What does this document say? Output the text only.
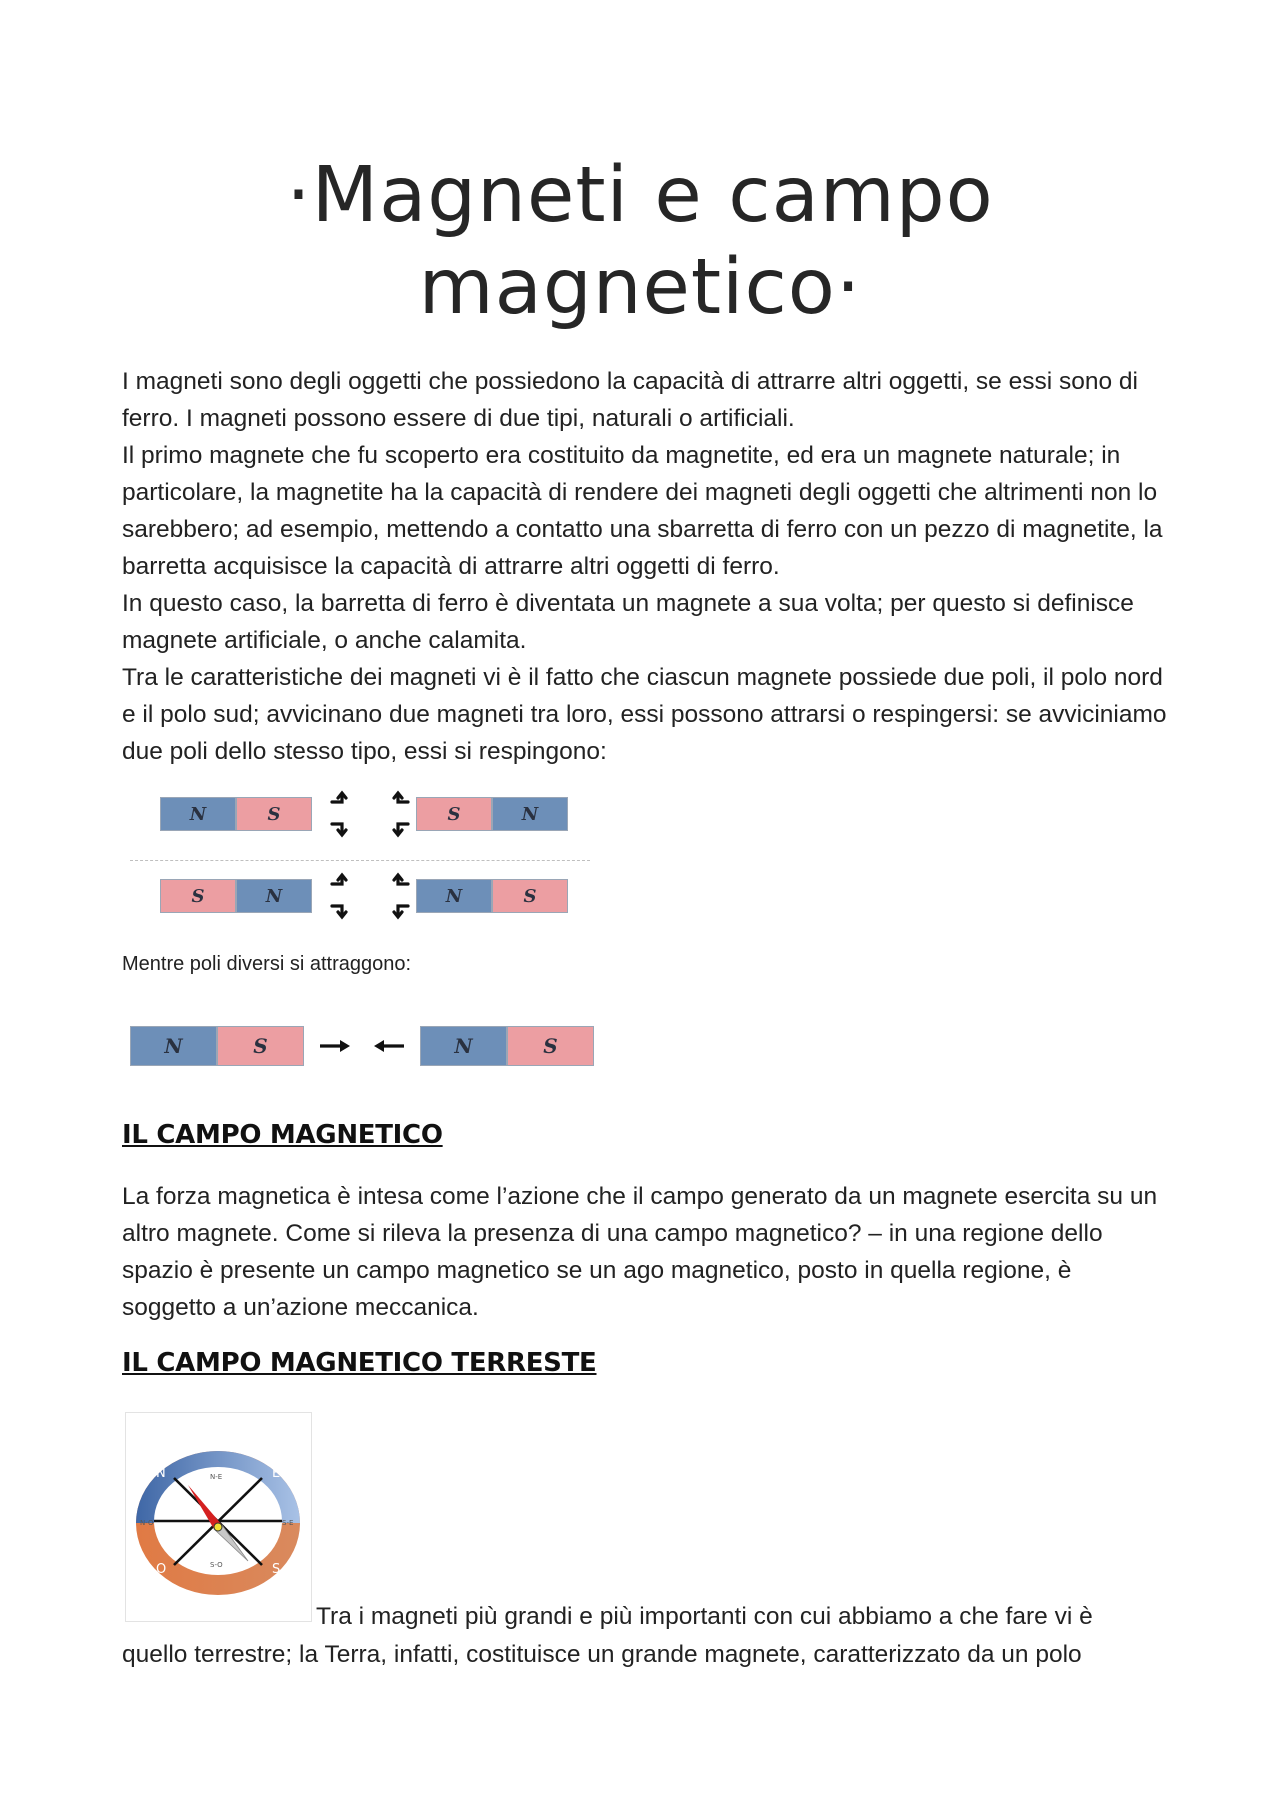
·Magneti e campo magnetico·

I magneti sono degli oggetti che possiedono la capacità di attrarre altri oggetti, se essi sono di ferro. I magneti possono essere di due tipi, naturali o artificiali.

Il primo magnete che fu scoperto era costituito da magnetite, ed era un magnete naturale; in particolare, la magnetite ha la capacità di rendere dei magneti degli oggetti che altrimenti non lo sarebbero; ad esempio, mettendo a contatto una sbarretta di ferro con un pezzo di magnetite, la barretta acquisisce la capacità di attrarre altri oggetti di ferro.

In questo caso, la barretta di ferro è diventata un magnete a sua volta; per questo si definisce magnete artificiale, o anche calamita.

Tra le caratteristiche dei magneti vi è il fatto che ciascun magnete possiede due poli, il polo nord e il polo sud; avvicinano due magneti tra loro, essi possono attrarsi o respingersi: se avviciniamo due poli dello stesso tipo, essi si respingono:

N	S	S	N
S	N	N	S

Mentre poli diversi si attraggono:

N	S	N	S
IL CAMPO MAGNETICO

La forza magnetica è intesa come l’azione che il campo generato da un magnete esercita su un altro magnete. Come si rileva la presenza di una campo magnetico? – in una regione dello spazio è presente un campo magnetico se un ago magnetico, posto in quella regione, è soggetto a un’azione meccanica.

IL CAMPO MAGNETICO TERRESTE
N	E
O	S
N-E
N-O	S-E
S-O

Tra i magneti più grandi e più importanti con cui abbiamo a che fare vi è

quello terrestre; la Terra, infatti, costituisce un grande magnete, caratterizzato da un polo
